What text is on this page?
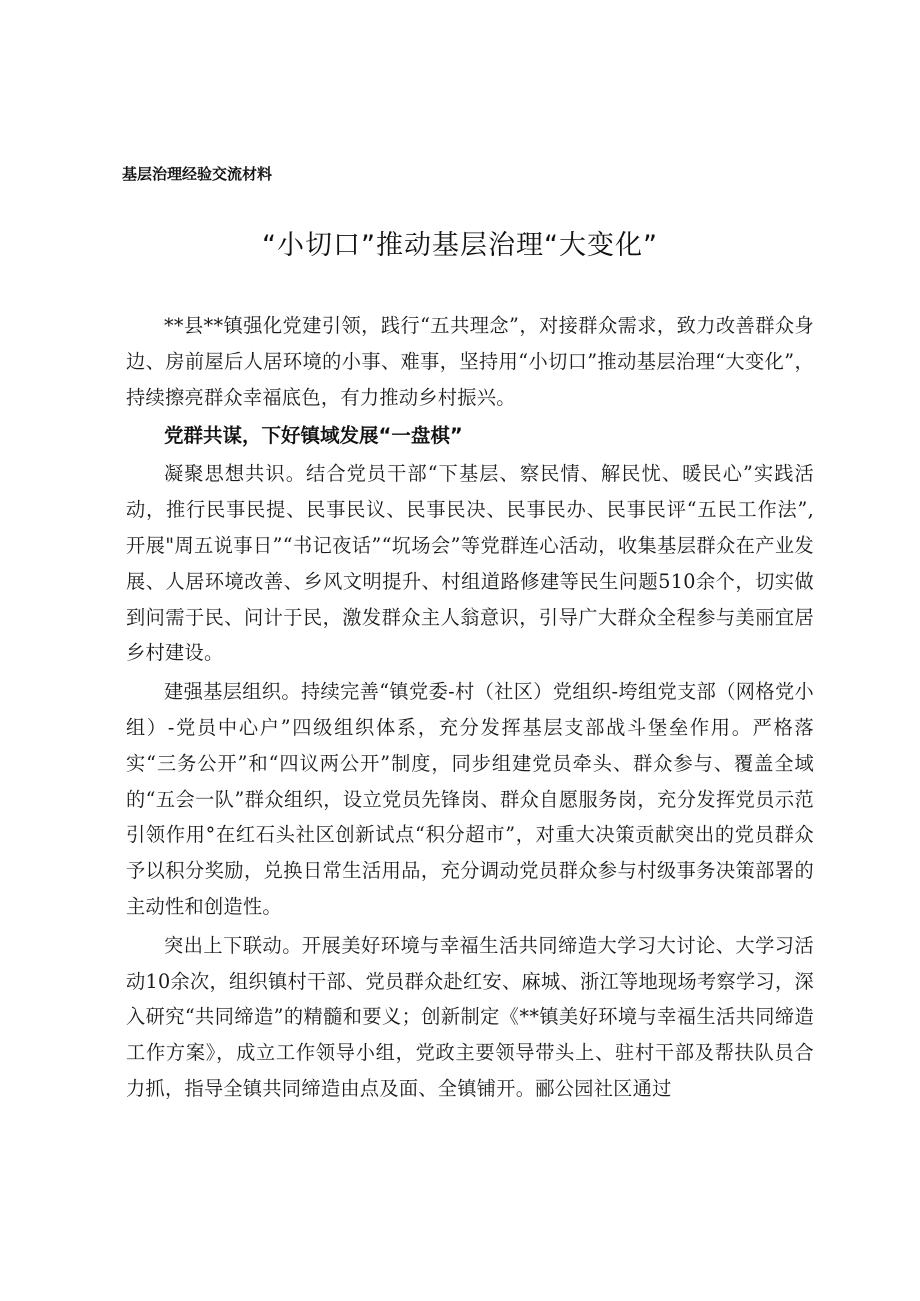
基层治理经验交流材料

“小切口”推动基层治理“大变化”

**县**镇强化党建引领，践行“五共理念”，对接群众需求，致力改善群众身边、房前屋后人居环境的小事、难事，坚持用“小切口”推动基层治理“大变化”，持续擦亮群众幸福底色，有力推动乡村振兴。

党群共谋，下好镇域发展“一盘棋”

凝聚思想共识。结合党员干部“下基层、察民情、解民忧、暖民心”实践活动，推行民事民提、民事民议、民事民决、民事民办、民事民评“五民工作法”,开展"周五说事日”“书记夜话”“坈场会”等党群连心活动，收集基层群众在产业发展、人居环境改善、乡风文明提升、村组道路修建等民生问题510余个，切实做到问需于民、问计于民，激发群众主人翁意识，引导广大群众全程参与美丽宜居乡村建设。

建强基层组织。持续完善“镇党委-村（社区）党组织-垮组党支部（网格党小组）-党员中心户”四级组织体系，充分发挥基层支部战斗堡垒作用。严格落实“三务公开”和“四议两公开”制度，同步组建党员牵头、群众参与、覆盖全域的“五会一队”群众组织，设立党员先锋岗、群众自愿服务岗，充分发挥党员示范引领作用°在红石头社区创新试点“积分超市”，对重大决策贡献突出的党员群众予以积分奖励，兑换日常生活用品，充分调动党员群众参与村级事务决策部署的主动性和创造性。

突出上下联动。开展美好环境与幸福生活共同缔造大学习大讨论、大学习活动10余次，组织镇村干部、党员群众赴红安、麻城、浙江等地现场考察学习，深入研究“共同缔造”的精髓和要义；创新制定《**镇美好环境与幸福生活共同缔造工作方案》，成立工作领导小组，党政主要领导带头上、驻村干部及帮扶队员合力抓，指导全镇共同缔造由点及面、全镇铺开。郦公园社区通过
